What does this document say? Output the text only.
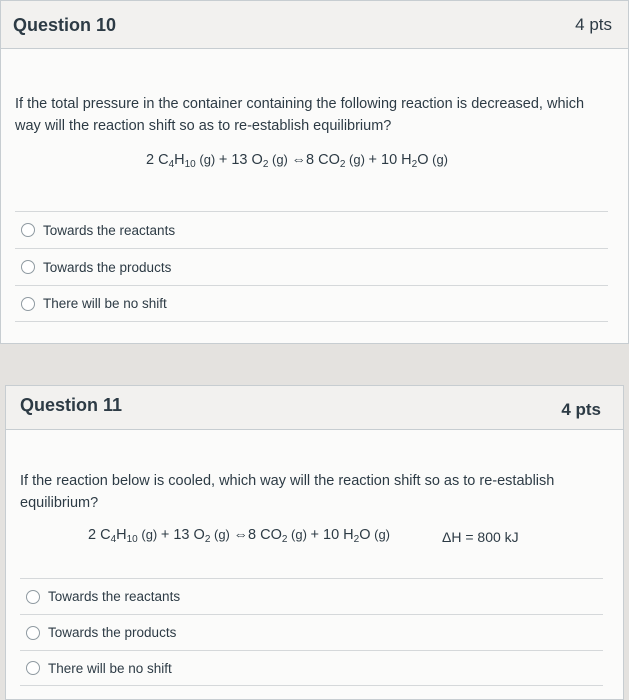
Question 10	4 pts
If the total pressure in the container containing the following reaction is decreased, which way will the reaction shift so as to re-establish equilibrium?
2 $C_4H_{10}$ (g) + 13 $O_2$ (g) ⇔8 $CO_2$ (g) + 10 $H_2O$ (g)
Towards the reactants
Towards the products
There will be no shift
Question 11	4 pts
If the reaction below is cooled, which way will the reaction shift so as to re-establish equilibrium?
2 $C_4H_{10}$ (g) + 13 $O_2$ (g) ⇔8 $CO_2$ (g) + 10 $H_2O$ (g)	ΔH = 800 kJ
Towards the reactants
Towards the products
There will be no shift
